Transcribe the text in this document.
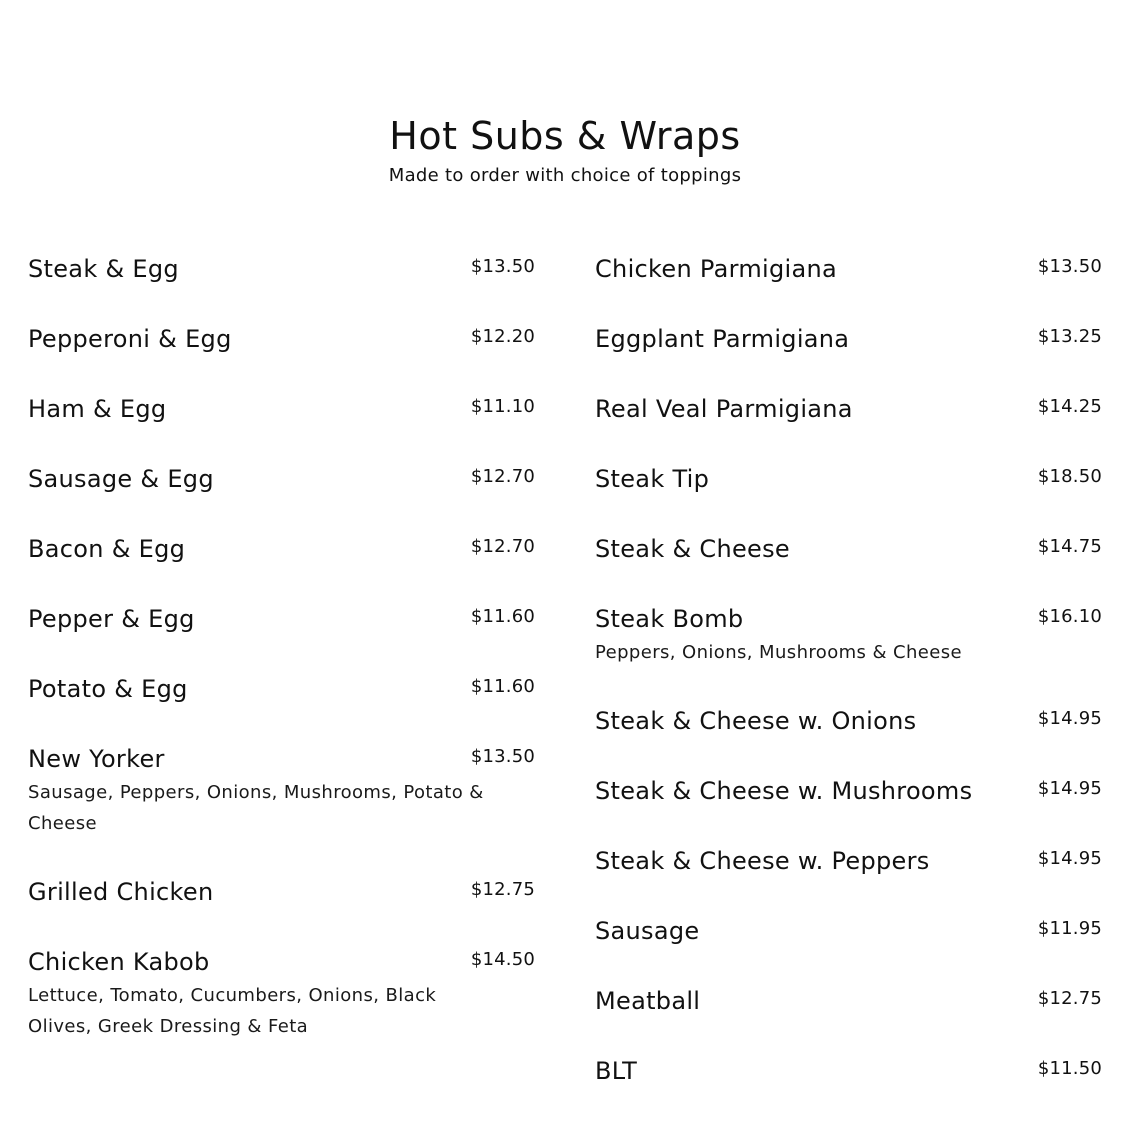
Hot Subs & Wraps
Made to order with choice of toppings
Steak & Egg	$13.50
Pepperoni & Egg	$12.20
Ham & Egg	$11.10
Sausage & Egg	$12.70
Bacon & Egg	$12.70
Pepper & Egg	$11.60
Potato & Egg	$11.60
New Yorker	$13.50
Sausage, Peppers, Onions, Mushrooms, Potato & Cheese
Grilled Chicken	$12.75
Chicken Kabob	$14.50
Lettuce, Tomato, Cucumbers, Onions, Black Olives, Greek Dressing & Feta
Chicken Parmigiana	$13.50
Eggplant Parmigiana	$13.25
Real Veal Parmigiana	$14.25
Steak Tip	$18.50
Steak & Cheese	$14.75
Steak Bomb	$16.10
Peppers, Onions, Mushrooms & Cheese
Steak & Cheese w. Onions	$14.95
Steak & Cheese w. Mushrooms	$14.95
Steak & Cheese w. Peppers	$14.95
Sausage	$11.95
Meatball	$12.75
BLT	$11.50
